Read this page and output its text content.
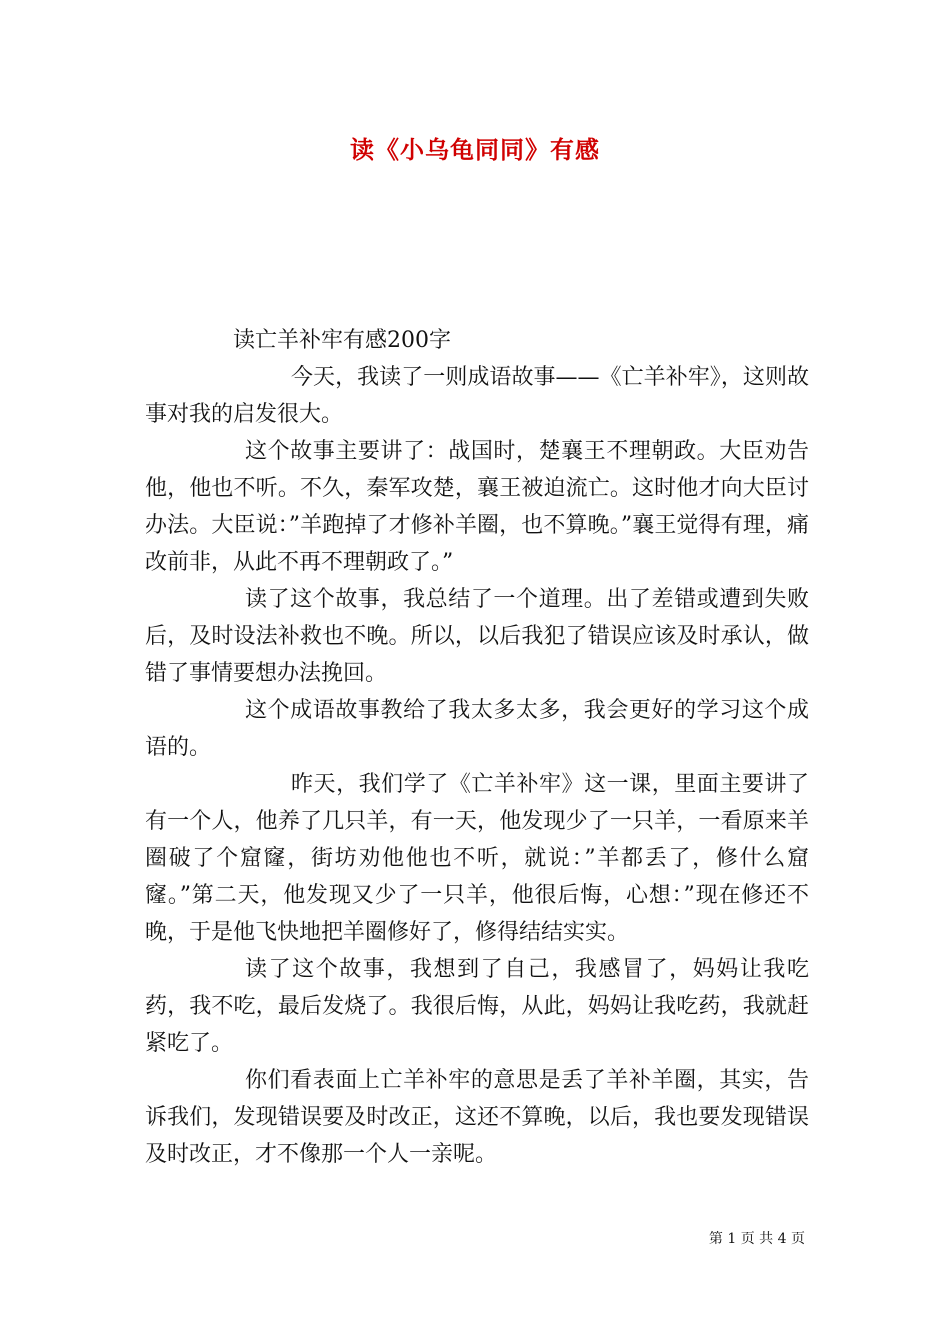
读《小乌龟同同》有感

读亡羊补牢有感200字

今天，我读了一则成语故事——《亡羊补牢》，这则故事对我的启发很大。

这个故事主要讲了：战国时，楚襄王不理朝政。大臣劝告他，他也不听。不久，秦军攻楚，襄王被迫流亡。这时他才向大臣讨办法。大臣说：”羊跑掉了才修补羊圈，也不算晚。”襄王觉得有理，痛改前非，从此不再不理朝政了。”

读了这个故事，我总结了一个道理。出了差错或遭到失败后，及时设法补救也不晚。所以，以后我犯了错误应该及时承认，做错了事情要想办法挽回。

这个成语故事教给了我太多太多，我会更好的学习这个成语的。

昨天，我们学了《亡羊补牢》这一课，里面主要讲了有一个人，他养了几只羊，有一天，他发现少了一只羊，一看原来羊圈破了个窟窿，街坊劝他他也不听，就说：”羊都丢了，修什么窟窿。”第二天，他发现又少了一只羊，他很后悔，心想：”现在修还不晚，于是他飞快地把羊圈修好了，修得结结实实。

读了这个故事，我想到了自己，我感冒了，妈妈让我吃药，我不吃，最后发烧了。我很后悔，从此，妈妈让我吃药，我就赶紧吃了。

你们看表面上亡羊补牢的意思是丢了羊补羊圈，其实，告诉我们，发现错误要及时改正，这还不算晚，以后，我也要发现错误及时改正，才不像那一个人一亲呢。

第 1 页 共 4 页
